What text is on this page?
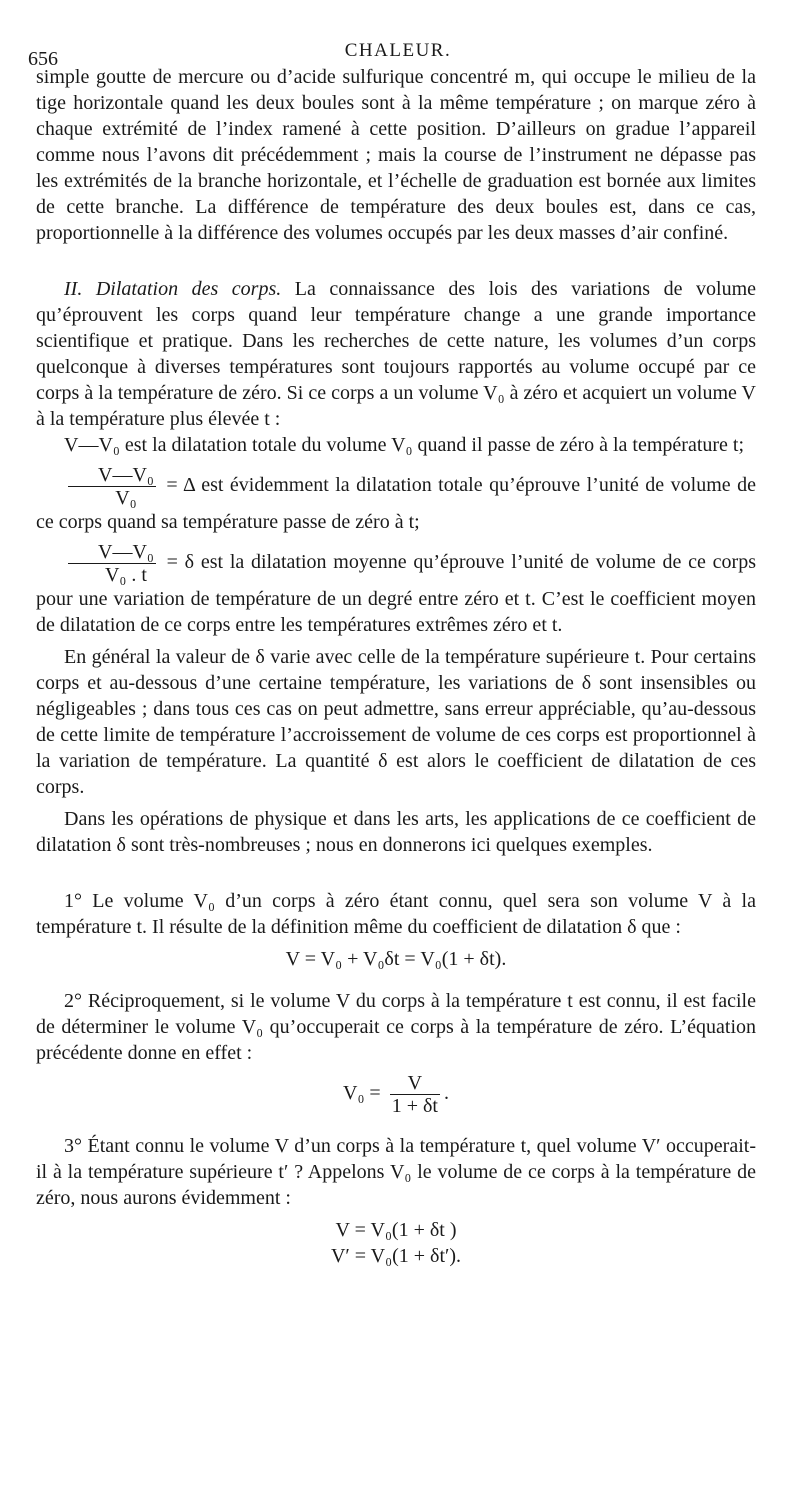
656	CHALEUR.

simple goutte de mercure ou d’acide sulfurique concentré m, qui occupe le milieu de la tige horizontale quand les deux boules sont à la même température ; on marque zéro à chaque extrémité de l’index ramené à cette position. D’ailleurs on gradue l’appareil comme nous l’avons dit précédemment ; mais la course de l’instrument ne dépasse pas les extrémités de la branche horizontale, et l’échelle de graduation est bornée aux limites de cette branche. La différence de température des deux boules est, dans ce cas, proportionnelle à la différence des volumes occupés par les deux masses d’air confiné.

II. Dilatation des corps. La connaissance des lois des variations de volume qu’éprouvent les corps quand leur température change a une grande importance scientifique et pratique. Dans les recherches de cette nature, les volumes d’un corps quelconque à diverses températures sont toujours rapportés au volume occupé par ce corps à la température de zéro. Si ce corps a un volume V₀ à zéro et acquiert un volume V à la température plus élevée t :

V—V₀ est la dilatation totale du volume V₀ quand il passe de zéro à la température t;

$\frac{\text{V—V₀}}{\text{V₀}} = \Delta$ est évidemment la dilatation totale qu’éprouve l’unité de volume de ce corps quand sa température passe de zéro à t;

$\frac{\text{V—V₀}}{\text{V₀ . t}} = \delta$ est la dilatation moyenne qu’éprouve l’unité de volume de ce corps pour une variation de température de un degré entre zéro et t. C’est le coefficient moyen de dilatation de ce corps entre les températures extrêmes zéro et t.

En général la valeur de δ varie avec celle de la température supérieure t. Pour certains corps et au-dessous d’une certaine température, les variations de δ sont insensibles ou négligeables ; dans tous ces cas on peut admettre, sans erreur appréciable, qu’au-dessous de cette limite de température l’accroissement de volume de ces corps est proportionnel à la variation de température. La quantité δ est alors le coefficient de dilatation de ces corps.

Dans les opérations de physique et dans les arts, les applications de ce coefficient de dilatation δ sont très-nombreuses ; nous en donnerons ici quelques exemples.

1° Le volume V₀ d’un corps à zéro étant connu, quel sera son volume V à la température t. Il résulte de la définition même du coefficient de dilatation δ que :

V = V₀ + V₀δt = V₀(1 + δt).

2° Réciproquement, si le volume V du corps à la température t est connu, il est facile de déterminer le volume V₀ qu’occuperait ce corps à la température de zéro. L’équation précédente donne en effet :

$V_0 = \frac{V}{1 + \delta t}$ .

3° Étant connu le volume V d’un corps à la température t, quel volume V′ occuperait-il à la température supérieure t′ ? Appelons V₀ le volume de ce corps à la température de zéro, nous aurons évidemment :

V = V₀(1 + δt )
V′ = V₀(1 + δt′).
